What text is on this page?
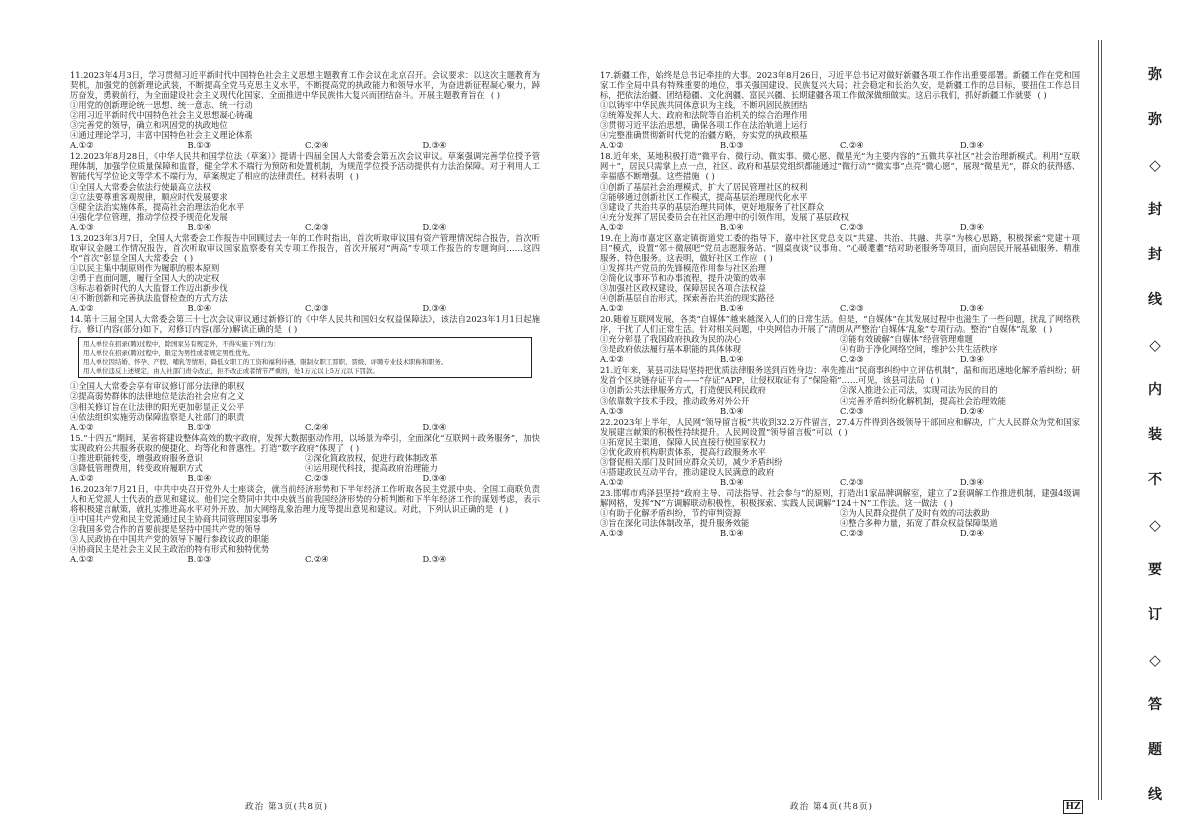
11.2023年4月3日，学习贯彻习近平新时代中国特色社会主义思想主题教育工作会议在北京召开。会议要求：以这次主题教育为契机，加强党的创新理论武装，不断提高全党马克思主义水平，不断提高党的执政能力和领导水平，为奋进新征程凝心聚力，踔厉奋发，勇毅前行，为全面建设社会主义现代化国家、全面推进中华民族伟大复兴而团结奋斗。开展主题教育旨在 ( )

①用党的创新理论统一思想、统一意志、统一行动
②用习近平新时代中国特色社会主义思想凝心铸魂
③完善党的领导，确立和巩固党的执政地位
④通过理论学习，丰富中国特色社会主义理论体系
A.①②	B.①③	C.②④	D.③④

12.2023年8月28日，《中华人民共和国学位法（草案）》提请十四届全国人大常委会第五次会议审议。草案强调完善学位授予管理体制，加强学位质量保障和监督，健全学术不端行为预防和处置机制，为规范学位授予活动提供有力法治保障。对于利用人工智能代写学位论文等学术不端行为，草案规定了相应的法律责任。材料表明 ( )

①全国人大常委会依法行使最高立法权
②立法要尊重客观规律，顺应时代发展要求
③健全法治实施体系，提高社会治理法治化水平
④强化学位管理，推动学位授予规范化发展
A.①③	B.①④	C.②③	D.②④

13.2023年3月7日，全国人大常委会工作报告中回顾过去一年的工作时指出，首次听取审议国有资产管理情况综合报告，首次听取审议金融工作情况报告，首次听取审议国家监察委有关专项工作报告，首次开展对“两高”专项工作报告的专题询问……这四个“首次”彰显全国人大常委会 ( )

①以民主集中制原则作为履职的根本原则
②勇于直面问题，履行全国人大的决定权
③标志着新时代的人大监督工作迈出新步伐
④不断创新和完善执法监督检查的方式方法
A.①②	B.①④	C.②③	D.③④

14.第十三届全国人大常委会第三十七次会议审议通过新修订的《中华人民共和国妇女权益保障法》，该法自2023年1月1日起施行。修订内容(部分)如下，对修订内容(部分)解读正确的是 ( )

用人单位在招录(聘)过程中，除国家另有规定外，不得实施下列行为：
用人单位在招录(聘)过程中，限定为男性或者规定男性优先。
用人单位因结婚、怀孕、产假、哺乳等情形，降低女职工的工资和福利待遇，限制女职工晋职、晋级、评聘专业技术职称和职务。
用人单位违反上述规定，由人社部门责令改正，拒不改正或者情节严重的，处1万元以上5万元以下罚款。
①全国人大常委会享有审议修订部分法律的职权
②提高弱势群体的法律地位是法治社会应有之义
③相关修订旨在让法律的阳光更加彰显正义公平
④依法组织实施劳动保障监察是人社部门的职责
A.①②	B.①③	C.②④	D.③④

15.“十四五”期间，某省将建设整体高效的数字政府，发挥大数据驱动作用，以场景为牵引，全面深化“互联网＋政务服务”，加快实现政府公共服务获取的便捷化、均等化和普惠性。打造“数字政府”体现了 ( )

①推进职能转变，增强政府服务意识	②深化简政放权，促进行政体制改革
③降低管理费用，转变政府履职方式	④运用现代科技，提高政府治理能力
A.①②	B.①④	C.②③	D.③④

16.2023年7月21日，中共中央召开党外人士座谈会，就当前经济形势和下半年经济工作听取各民主党派中央、全国工商联负责人和无党派人士代表的意见和建议。他们完全赞同中共中央就当前我国经济形势的分析判断和下半年经济工作的谋划考虑，表示将积极建言献策，就扎实推进高水平对外开放、加大网络乱象治理力度等提出意见和建议。对此，下列认识正确的是 ( )

①中国共产党和民主党派通过民主协商共同管理国家事务
②我国多党合作的首要前提是坚持中国共产党的领导
③人民政协在中国共产党的领导下履行参政议政的职能
④协商民主是社会主义民主政治的特有形式和独特优势
A.①②	B.①③	C.②④	D.③④

17.新疆工作，始终是总书记牵挂的大事。2023年8月26日，习近平总书记对做好新疆各项工作作出重要部署。新疆工作在党和国家工作全局中具有特殊重要的地位，事关强国建设、民族复兴大局；社会稳定和长治久安，是新疆工作的总目标，要扭住工作总目标，把依法治疆、团结稳疆、文化润疆、富民兴疆、长期建疆各项工作做深做细做实。这启示我们，抓好新疆工作就要 ( )

①以铸牢中华民族共同体意识为主线，不断巩固民族团结
②统筹发挥人大、政府和法院等自治机关的综合治理作用
③贯彻习近平法治思想，确保各项工作在法治轨道上运行
④完整准确贯彻新时代党的治疆方略，夯实党的执政根基
A.①②	B.①③	C.②④	D.③④

18.近年来，某地积极打造“微平台、微行动、微实事、微心愿、微星光”为主要内容的“五微共享社区”社会治理新模式。利用“互联网＋”，居民只需掌上点一点，社区、政府和基层党组织都能通过“微行动”“微实事”点亮“微心愿”，展现“微星光”，群众的获得感、幸福感不断增强。这些措施 ( )

①创新了基层社会治理模式，扩大了居民管理社区的权利
②能够通过创新社区工作模式，提高基层治理现代化水平
③建设了共治共享的基层治理共同体，更好地服务了社区群众
④充分发挥了居民委员会在社区治理中的引领作用，发展了基层政权
A.①②	B.①④	C.②③	D.③④

19.在上海市嘉定区嘉定镇街道党工委的指导下，嘉中社区党总支以“共建、共治、共融、共享”为核心思路，积极探索“党建＋项目”模式，设置“邻＋微展吧”党员志愿服务站、“圆桌夜谈”议事角、“心暖耄耋”结对助老服务等项目，面向居民开展基础服务、精准服务、特色服务。这表明，做好社区工作应 ( )

①发挥共产党员的先锋模范作用参与社区治理
②简化议事环节和办事流程，提升决策的效率
③加强社区政权建设，保障居民各项合法权益
④创新基层自治形式，探索善治共治的现实路径
A.①②	B.①④	C.②③	D.③④

20.随着互联网发展，各类“自媒体”越来越深入人们的日常生活。但是，“自媒体”在其发展过程中也滋生了一些问题，扰乱了网络秩序，干扰了人们正常生活。针对相关问题，中央网信办开展了“清朗从严整治‘自媒体’乱象”专项行动。整治“自媒体”乱象 ( )

①充分彰显了我国政府执政为民的决心	②能有效破解“自媒体”经营管理难题
③是政府依法履行基本职能的具体体现	④有助于净化网络空间，维护公共生活秩序
A.①②	B.①④	C.②③	D.③④

21.近年来，某县司法局坚持把优质法律服务送到百姓身边：率先推出“民商事纠纷中立评估机制”，温和而迅速地化解矛盾纠纷；研发首个区块链存证平台——“存证”APP，让侵权取证有了“保险箱”……可见，该县司法局 ( )

①创新公共法律服务方式，打造便民利民政府	②深入推进公正司法，实现司法为民的目的
③依靠数字技术手段，推动政务对外公开	④完善矛盾纠纷化解机制，提高社会治理效能
A.①③	B.①④	C.②③	D.②④

22.2023年上半年，人民网“领导留言板”共收到32.2万件留言，27.4万件得到各级领导干部回应和解决，广大人民群众为党和国家发展建言献策的积极性持续提升。人民网设置“领导留言板”可以 ( )

①拓宽民主渠道，保障人民直接行使国家权力
②优化政府机构职责体系，提高行政服务水平
③督促相关部门及时回应群众关切，减少矛盾纠纷
④搭建政民互动平台，推动建设人民满意的政府
A.①②	B.①④	C.②③	D.③④

23.邯郸市鸡泽县坚持“政府主导、司法指导、社会参与”的原则，打造出1家品牌调解室，建立了2套调解工作推进机制，建强4级调解网格，发挥“N”方调解联动积极性，积极探索、实践人民调解“124＋N”工作法。这一做法 ( )

①有助于化解矛盾纠纷，节约审判资源	②为人民群众提供了及时有效的司法救助
③旨在深化司法体制改革，提升服务效能	④整合多种力量，拓宽了群众权益保障渠道
A.①③	B.①④	C.②③	D.②④
政治 第3页(共8页)	政治 第4页(共8页)	HZ
弥
弥
◇
封
封
线
◇
内
装
不
◇
要
订
◇
答
题
线
